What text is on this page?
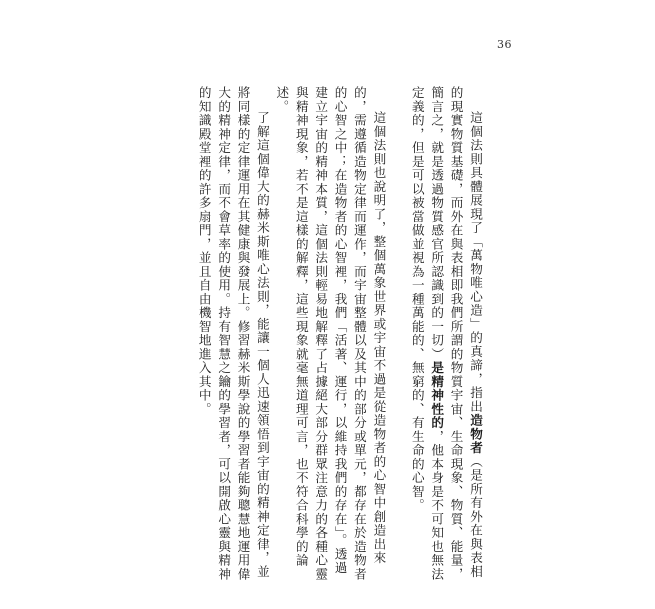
36

這個法則具體展現了「萬物唯心造」的真諦，指出造物者（是所有外在與表相的現實物質基礎，而外在與表相即我們所謂的物質宇宙、生命現象、物質、能量，簡言之，就是透過物質感官所認識到的一切）是精神性的，他本身是不可知也無法定義的，但是可以被當做並視為一種萬能的、無窮的、有生命的心智。

這個法則也說明了，整個萬象世界或宇宙不過是從造物者的心智中創造出來的，需遵循造物定律而運作，而宇宙整體以及其中的部分或單元，都存在於造物者的心智之中；在造物者的心智裡，我們「活著、運行，以維持我們的存在」。透過建立宇宙的精神本質，這個法則輕易地解釋了占據絕大部分群眾注意力的各種心靈與精神現象，若不是這樣的解釋，這些現象就毫無道理可言，也不符合科學的論述。

了解這個偉大的赫米斯唯心法則，能讓一個人迅速領悟到宇宙的精神定律，並將同樣的定律運用在其健康與發展上。修習赫米斯學說的學習者能夠聰慧地運用偉大的精神定律，而不會草率的使用。持有智慧之鑰的學習者，可以開啟心靈與精神的知識殿堂裡的許多扇門，並且自由機智地進入其中。
